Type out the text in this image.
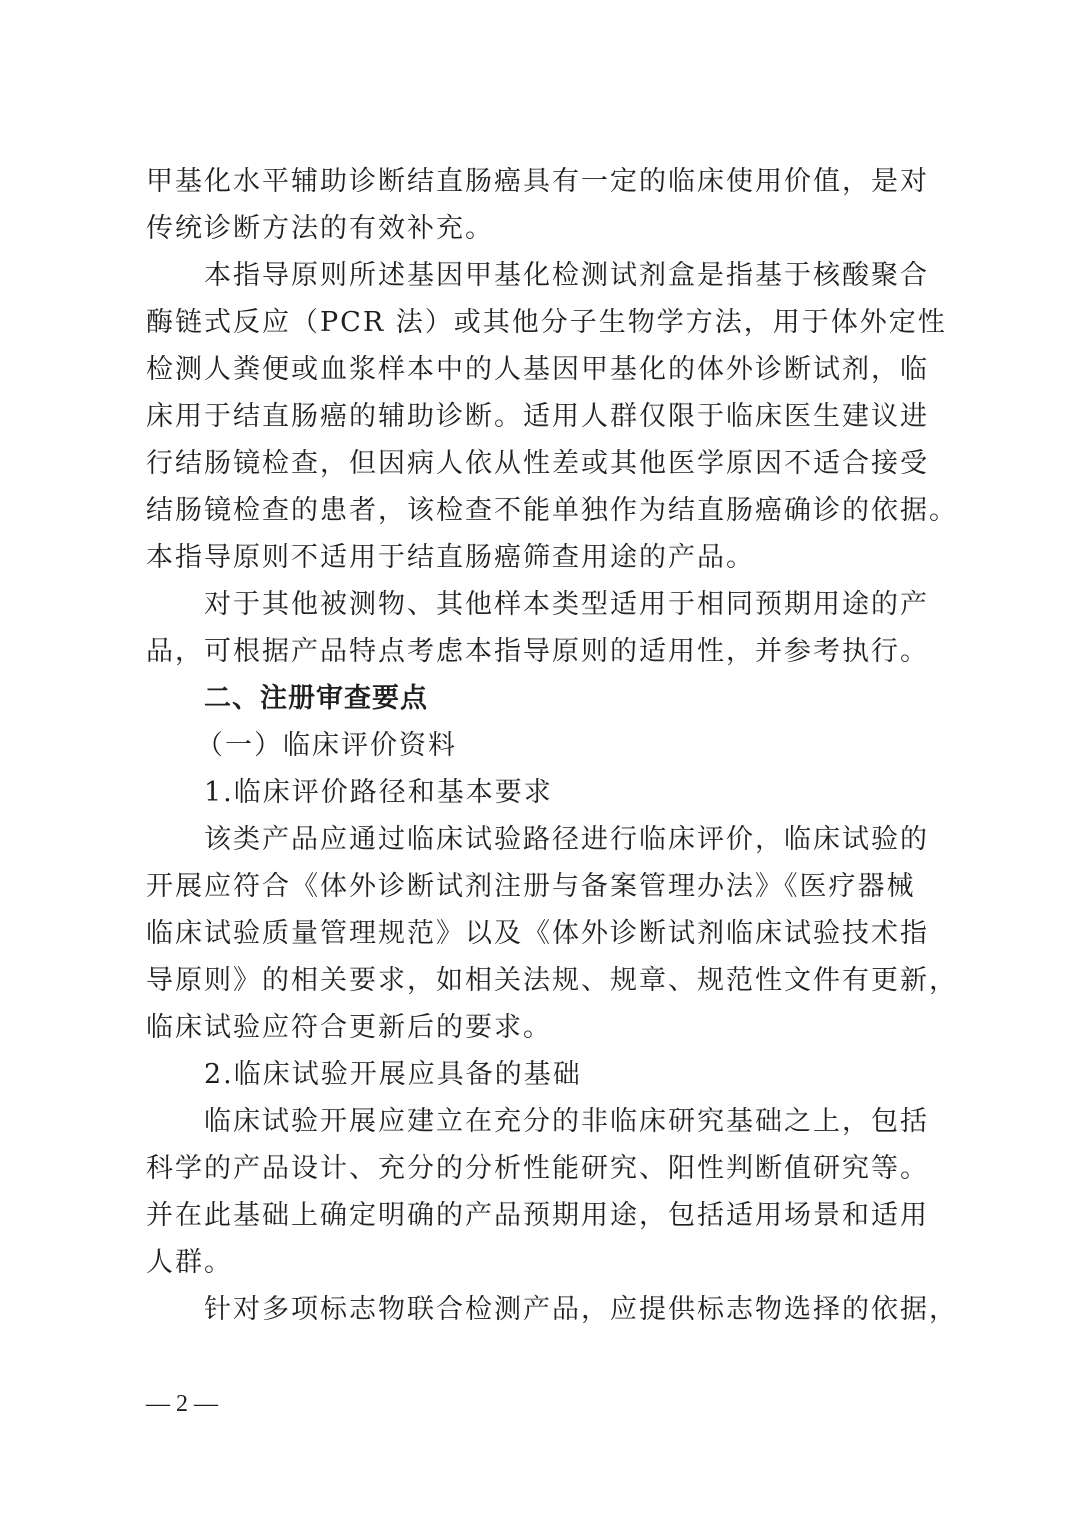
甲基化水平辅助诊断结直肠癌具有一定的临床使用价值，是对
传统诊断方法的有效补充。
本指导原则所述基因甲基化检测试剂盒是指基于核酸聚合
酶链式反应（PCR 法）或其他分子生物学方法，用于体外定性
检测人粪便或血浆样本中的人基因甲基化的体外诊断试剂，临
床用于结直肠癌的辅助诊断。适用人群仅限于临床医生建议进
行结肠镜检查，但因病人依从性差或其他医学原因不适合接受
结肠镜检查的患者，该检查不能单独作为结直肠癌确诊的依据。
本指导原则不适用于结直肠癌筛查用途的产品。
对于其他被测物、其他样本类型适用于相同预期用途的产
品，可根据产品特点考虑本指导原则的适用性，并参考执行。
二、注册审查要点
（一）临床评价资料
1.临床评价路径和基本要求
该类产品应通过临床试验路径进行临床评价，临床试验的
开展应符合《体外诊断试剂注册与备案管理办法》《医疗器械
临床试验质量管理规范》以及《体外诊断试剂临床试验技术指
导原则》的相关要求，如相关法规、规章、规范性文件有更新，
临床试验应符合更新后的要求。
2.临床试验开展应具备的基础
临床试验开展应建立在充分的非临床研究基础之上，包括
科学的产品设计、充分的分析性能研究、阳性判断值研究等。
并在此基础上确定明确的产品预期用途，包括适用场景和适用
人群。
针对多项标志物联合检测产品，应提供标志物选择的依据，
— 2 —
